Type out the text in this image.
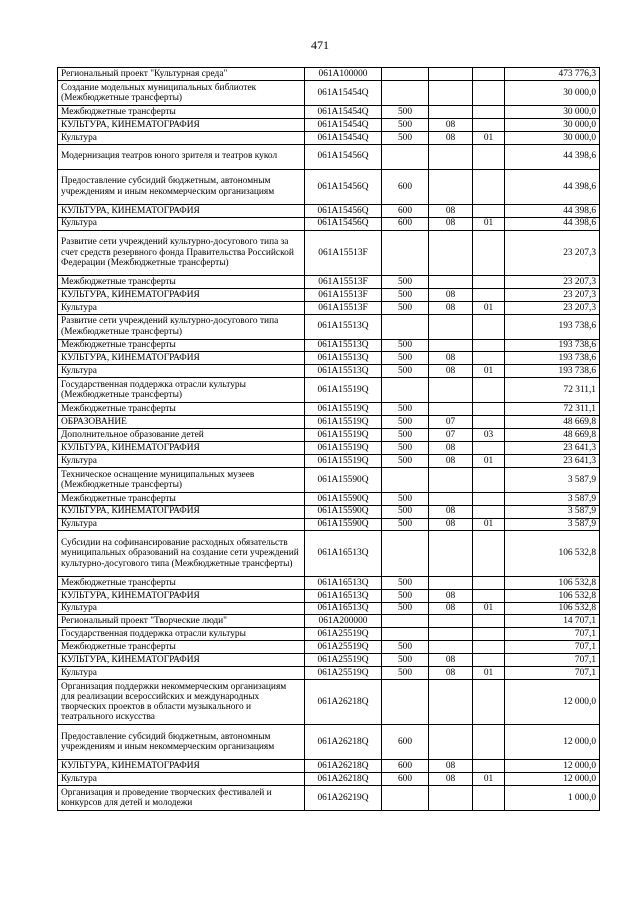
471
Региональный проект "Культурная среда"	061A100000				473 776,3
Создание модельных муниципальных библиотек (Межбюджетные трансферты)	061A15454Q				30 000,0
Межбюджетные трансферты	061A15454Q	500			30 000,0
КУЛЬТУРА, КИНЕМАТОГРАФИЯ	061A15454Q	500	08		30 000,0
Культура	061A15454Q	500	08	01	30 000,0
Модернизация театров юного зрителя и театров кукол	061A15456Q				44 398,6
Предоставление субсидий бюджетным, автономным учреждениям и иным некоммерческим организациям	061A15456Q	600			44 398,6
КУЛЬТУРА, КИНЕМАТОГРАФИЯ	061A15456Q	600	08		44 398,6
Культура	061A15456Q	600	08	01	44 398,6
Развитие сети учреждений культурно-досугового типа за счет средств резервного фонда Правительства Российской Федерации (Межбюджетные трансферты)	061A15513F				23 207,3
Межбюджетные трансферты	061A15513F	500			23 207,3
КУЛЬТУРА, КИНЕМАТОГРАФИЯ	061A15513F	500	08		23 207,3
Культура	061A15513F	500	08	01	23 207,3
Развитие сети учреждений культурно-досугового типа (Межбюджетные трансферты)	061A15513Q				193 738,6
Межбюджетные трансферты	061A15513Q	500			193 738,6
КУЛЬТУРА, КИНЕМАТОГРАФИЯ	061A15513Q	500	08		193 738,6
Культура	061A15513Q	500	08	01	193 738,6
Государственная поддержка отрасли культуры (Межбюджетные трансферты)	061A15519Q				72 311,1
Межбюджетные трансферты	061A15519Q	500			72 311,1
ОБРАЗОВАНИЕ	061A15519Q	500	07		48 669,8
Дополнительное образование детей	061A15519Q	500	07	03	48 669,8
КУЛЬТУРА, КИНЕМАТОГРАФИЯ	061A15519Q	500	08		23 641,3
Культура	061A15519Q	500	08	01	23 641,3
Техническое оснащение муниципальных музеев (Межбюджетные трансферты)	061A15590Q				3 587,9
Межбюджетные трансферты	061A15590Q	500			3 587,9
КУЛЬТУРА, КИНЕМАТОГРАФИЯ	061A15590Q	500	08		3 587,9
Культура	061A15590Q	500	08	01	3 587,9
Субсидии на софинансирование расходных обязательств муниципальных образований на создание сети учреждений культурно-досугового типа (Межбюджетные трансферты)	061A16513Q				106 532,8
Межбюджетные трансферты	061A16513Q	500			106 532,8
КУЛЬТУРА, КИНЕМАТОГРАФИЯ	061A16513Q	500	08		106 532,8
Культура	061A16513Q	500	08	01	106 532,8
Региональный проект "Творческие люди"	061A200000				14 707,1
Государственная поддержка отрасли культуры	061A25519Q				707,1
Межбюджетные трансферты	061A25519Q	500			707,1
КУЛЬТУРА, КИНЕМАТОГРАФИЯ	061A25519Q	500	08		707,1
Культура	061A25519Q	500	08	01	707,1
Организация поддержки некоммерческим организациям для реализации всероссийских и международных творческих проектов в области музыкального и театрального искусства	061A26218Q				12 000,0
Предоставление субсидий бюджетным, автономным учреждениям и иным некоммерческим организациям	061A26218Q	600			12 000,0
КУЛЬТУРА, КИНЕМАТОГРАФИЯ	061A26218Q	600	08		12 000,0
Культура	061A26218Q	600	08	01	12 000,0
Организация и проведение творческих фестивалей и конкурсов для детей и молодежи	061A26219Q				1 000,0
